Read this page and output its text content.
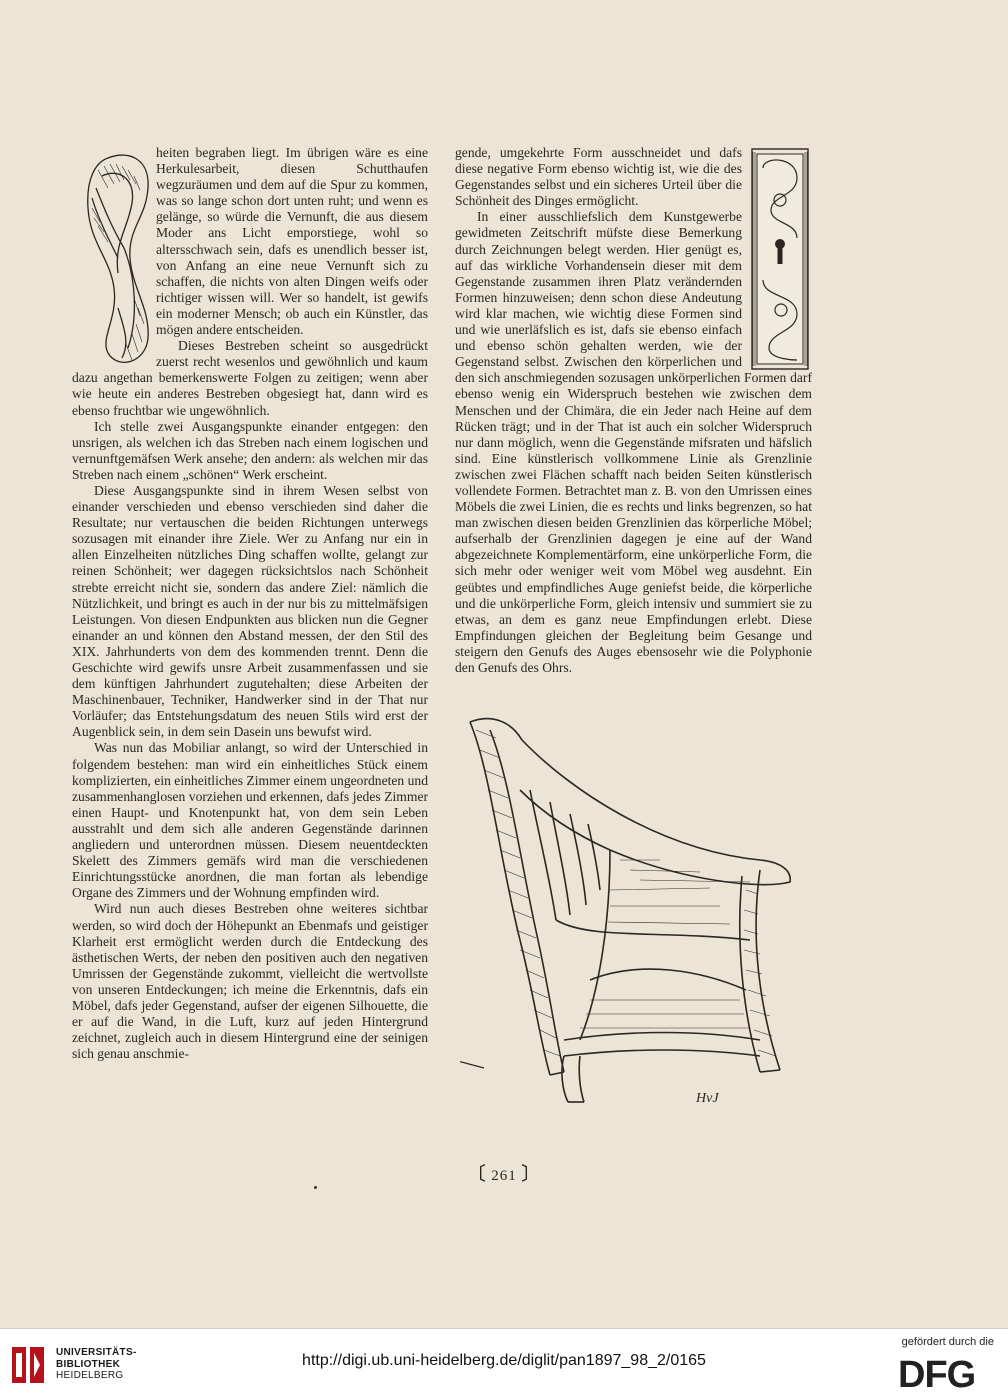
heiten begraben liegt. Im übrigen wäre es eine Herkulesarbeit, diesen Schutthaufen wegzuräumen und dem auf die Spur zu kommen, was so lange schon dort unten ruht; und wenn es gelänge, so würde die Vernunft, die aus diesem Moder ans Licht emporstiege, wohl so altersschwach sein, dafs es unendlich besser ist, von Anfang an eine neue Vernunft sich zu schaffen, die nichts von alten Dingen weifs oder richtiger wissen will. Wer so handelt, ist gewifs ein moderner Mensch; ob auch ein Künstler, das mögen andere entscheiden.

Dieses Bestreben scheint so ausgedrückt zuerst recht wesenlos und gewöhnlich und kaum dazu angethan bemerkenswerte Folgen zu zeitigen; wenn aber wie heute ein anderes Bestreben obgesiegt hat, dann wird es ebenso fruchtbar wie ungewöhnlich.

Ich stelle zwei Ausgangspunkte einander entgegen: den unsrigen, als welchen ich das Streben nach einem logischen und vernunftgemäfsen Werk ansehe; den andern: als welchen mir das Streben nach einem „schönen“ Werk erscheint.

Diese Ausgangspunkte sind in ihrem Wesen selbst von einander verschieden und ebenso verschieden sind daher die Resultate; nur vertauschen die beiden Richtungen unterwegs sozusagen mit einander ihre Ziele. Wer zu Anfang nur ein in allen Einzelheiten nützliches Ding schaffen wollte, gelangt zur reinen Schönheit; wer dagegen rücksichtslos nach Schönheit strebte erreicht nicht sie, sondern das andere Ziel: nämlich die Nützlichkeit, und bringt es auch in der nur bis zu mittelmäfsigen Leistungen. Von diesen Endpunkten aus blicken nun die Gegner einander an und können den Abstand messen, der den Stil des XIX. Jahrhunderts von dem des kommenden trennt. Denn die Geschichte wird gewifs unsre Arbeit zusammenfassen und sie dem künftigen Jahrhundert zugutehalten; diese Arbeiten der Maschinenbauer, Techniker, Handwerker sind in der That nur Vorläufer; das Entstehungsdatum des neuen Stils wird erst der Augenblick sein, in dem sein Dasein uns bewufst wird.

Was nun das Mobiliar anlangt, so wird der Unterschied in folgendem bestehen: man wird ein einheitliches Stück einem komplizierten, ein einheitliches Zimmer einem ungeordneten und zusammenhanglosen vorziehen und erkennen, dafs jedes Zimmer einen Haupt- und Knotenpunkt hat, von dem sein Leben ausstrahlt und dem sich alle anderen Gegenstände darinnen angliedern und unterordnen müssen. Diesem neuentdeckten Skelett des Zimmers gemäfs wird man die verschiedenen Einrichtungsstücke anordnen, die man fortan als lebendige Organe des Zimmers und der Wohnung empfinden wird.

Wird nun auch dieses Bestreben ohne weiteres sichtbar werden, so wird doch der Höhepunkt an Ebenmafs und geistiger Klarheit erst ermöglicht werden durch die Entdeckung des ästhetischen Werts, der neben den positiven auch den negativen Umrissen der Gegenstände zukommt, vielleicht die wertvollste von unseren Entdeckungen; ich meine die Erkenntnis, dafs ein Möbel, dafs jeder Gegenstand, aufser der eigenen Silhouette, die er auf die Wand, in die Luft, kurz auf jeden Hintergrund zeichnet, zugleich auch in diesem Hintergrund eine der seinigen sich genau anschmie-

gende, umgekehrte Form ausschneidet und dafs diese negative Form ebenso wichtig ist, wie die des Gegenstandes selbst und ein sicheres Urteil über die Schönheit des Dinges ermöglicht.

In einer ausschliefslich dem Kunstgewerbe gewidmeten Zeitschrift müfste diese Bemerkung durch Zeichnungen belegt werden. Hier genügt es, auf das wirkliche Vorhandensein dieser mit dem Gegenstande zusammen ihren Platz verändernden Formen hinzuweisen; denn schon diese Andeutung wird klar machen, wie wichtig diese Formen sind und wie unerläfslich es ist, dafs sie ebenso einfach und ebenso schön gehalten werden, wie der Gegenstand selbst. Zwischen den körperlichen und den sich anschmiegenden sozusagen unkörperlichen Formen darf ebenso wenig ein Widerspruch bestehen wie zwischen dem Menschen und der Chimära, die ein Jeder nach Heine auf dem Rücken trägt; und in der That ist auch ein solcher Widerspruch nur dann möglich, wenn die Gegenstände mifsraten und häfslich sind. Eine künstlerisch vollkommene Linie als Grenzlinie zwischen zwei Flächen schafft nach beiden Seiten künstlerisch vollendete Formen. Betrachtet man z. B. von den Umrissen eines Möbels die zwei Linien, die es rechts und links begrenzen, so hat man zwischen diesen beiden Grenzlinien das körperliche Möbel; aufserhalb der Grenzlinien dagegen je eine auf der Wand abgezeichnete Komplementärform, eine unkörperliche Form, die sich mehr oder weniger weit vom Möbel weg ausdehnt. Ein geübtes und empfindliches Auge geniefst beide, die körperliche und die unkörperliche Form, gleich intensiv und summiert sie zu etwas, an dem es ganz neue Empfindungen erlebt. Diese Empfindungen gleichen der Begleitung beim Gesange und steigern den Genufs des Auges ebensosehr wie die Polyphonie den Genufs des Ohrs.

HvJ
〔 261 〕
UNIVERSITÄTS-
BIBLIOTHEK
HEIDELBERG
http://digi.ub.uni-heidelberg.de/diglit/pan1897_98_2/0165
gefördert durch die
DFG
